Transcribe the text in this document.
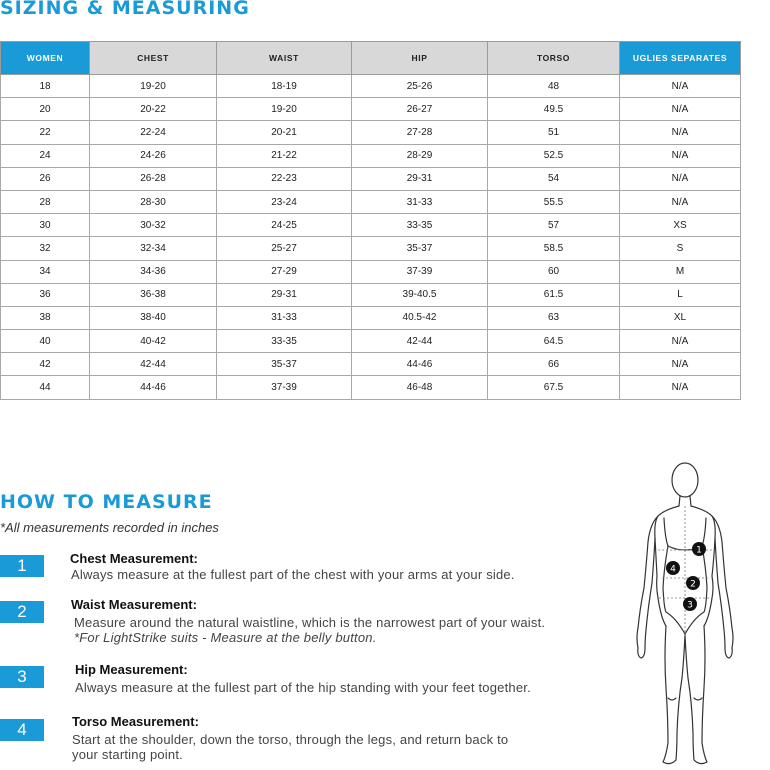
SIZING & MEASURING
WOMEN	CHEST	WAIST	HIP	TORSO	UGLIES SEPARATES
18	19-20	18-19	25-26	48	N/A
20	20-22	19-20	26-27	49.5	N/A
22	22-24	20-21	27-28	51	N/A
24	24-26	21-22	28-29	52.5	N/A
26	26-28	22-23	29-31	54	N/A
28	28-30	23-24	31-33	55.5	N/A
30	30-32	24-25	33-35	57	XS
32	32-34	25-27	35-37	58.5	S
34	34-36	27-29	37-39	60	M
36	36-38	29-31	39-40.5	61.5	L
38	38-40	31-33	40.5-42	63	XL
40	40-42	33-35	42-44	64.5	N/A
42	42-44	35-37	44-46	66	N/A
44	44-46	37-39	46-48	67.5	N/A
HOW TO MEASURE
*All measurements recorded in inches
1	Chest Measurement:
Always measure at the fullest part of the chest with your arms at your side.
2	Waist Measurement:
Measure around the natural waistline, which is the narrowest part of your waist.
*For LightStrike suits - Measure at the belly button.
3	Hip Measurement:
Always measure at the fullest part of the hip standing with your feet together.
4	Torso Measurement:
Start at the shoulder, down the torso, through the legs, and return back to
your starting point.
1
4
2
3
